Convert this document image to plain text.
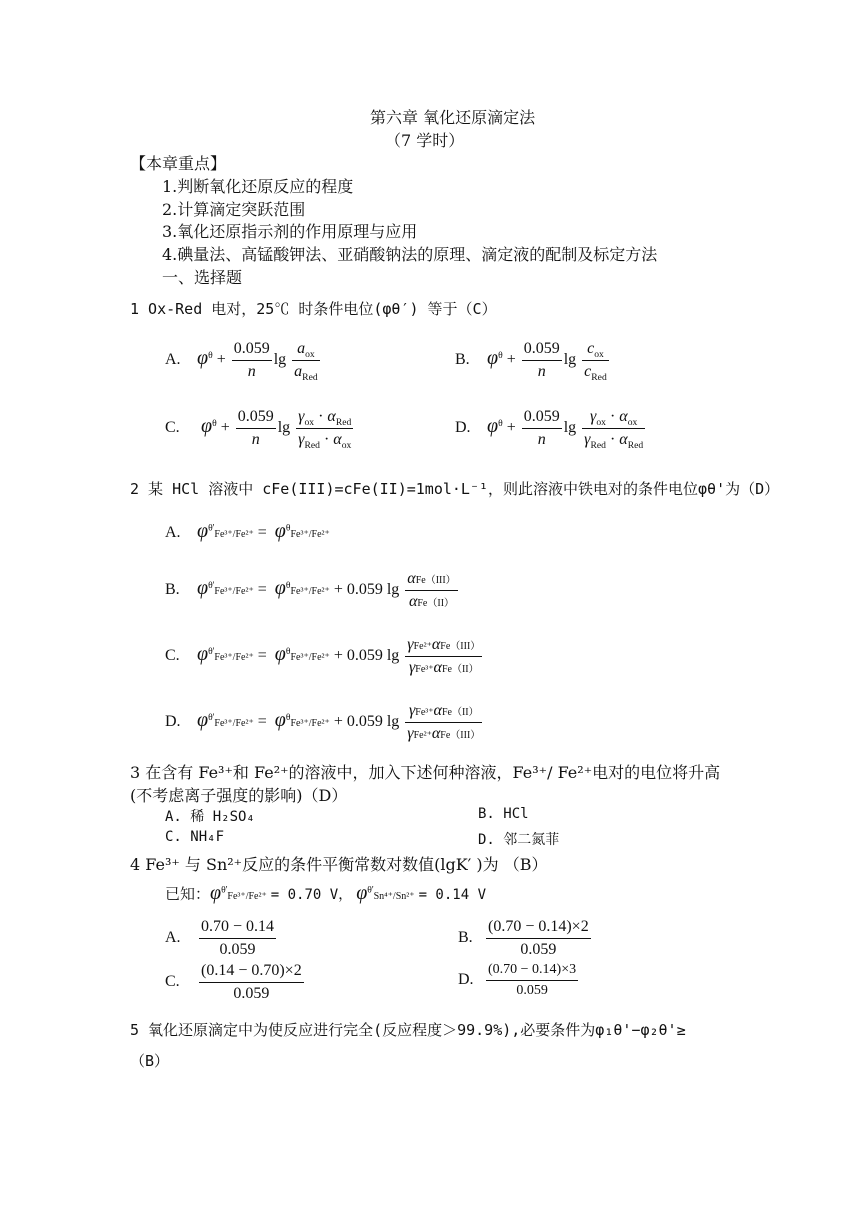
第六章 氧化还原滴定法
（7 学时）
【本章重点】
1.判断氧化还原反应的程度
2.计算滴定突跃范围
3.氧化还原指示剂的作用原理与应用
4.碘量法、高锰酸钾法、亚硝酸钠法的原理、滴定液的配制及标定方法
一、选择题
1 Ox-Red 电对，25℃ 时条件电位(φθ′) 等于（C）
A. $\varphi^\theta + \frac{0.059}{n}$ $\lg \frac{a_{ox}}{a_{Red}}$	B. $\varphi^\theta + \frac{0.059}{n}$ $\lg \frac{c_{ox}}{c_{Red}}$
C. $\varphi^\theta + \frac{0.059}{n}$ $\lg \frac{\gamma_{ox} \cdot \alpha_{Red}}{\gamma_{Red} \cdot \alpha_{ox}}$	D. $\varphi^\theta + \frac{0.059}{n}$ $\lg \frac{\gamma_{ox} \cdot \alpha_{ox}}{\gamma_{Red} \cdot \alpha_{Red}}$
2 某 HCl 溶液中 cFe(III)=cFe(II)=1mol·L⁻¹，则此溶液中铁电对的条件电位φθ'为（D）
A. $\varphi^{\theta'}Fe^{3+}/Fe^{2+} = \varphi^\theta Fe^{3+}/Fe^{2+}$
B. $\varphi^{\theta'}Fe^{3+}/Fe^{2+} = \varphi^\theta Fe^{3+}/Fe^{2+} + 0.059$ $\lg \frac{\text{αFe（III）}}{\text{αFe（II）}}$
C. $\varphi^{\theta'}Fe^{3+}/Fe^{2+} = \varphi^\theta Fe^{3+}/Fe^{2+} + 0.059$ $\lg \frac{\text{γFe²⁺αFe（III）}}{\text{γFe³⁺αFe（II）}}$
D. $\varphi^{\theta'}Fe^{3+}/Fe^{2+} = \varphi^\theta Fe^{3+}/Fe^{2+} + 0.059$ $\lg \frac{\text{γFe³⁺αFe（II）}}{\text{γFe²⁺αFe（III）}}$
3 在含有 Fe³⁺和 Fe²⁺的溶液中，加入下述何种溶液，Fe³⁺/ Fe²⁺电对的电位将升高
(不考虑离子强度的影响)（D）
A. 稀 H₂SO₄	B. HCl
C. NH₄F	D. 邻二氮菲
4 Fe³⁺ 与 Sn²⁺反应的条件平衡常数对数值(lgK′ )为 （B）
已知：$\varphi^{\theta'}Fe^{3+}/Fe^{2+} = 0.70$ V， $\varphi^{\theta'}Sn^{4+}/Sn^{2+} = 0.14$ V
A. $\frac{0.70 - 0.14}{0.059}$	B. $\frac{(0.70 - 0.14)\times 2}{0.059}$
C. $\frac{(0.14 - 0.70)\times 2}{0.059}$	D. $\frac{(0.70 - 0.14)\times 3}{0.059}$
5 氧化还原滴定中为使反应进行完全(反应程度＞99.9%),必要条件为φ₁θ'−φ₂θ'≥
（B）
